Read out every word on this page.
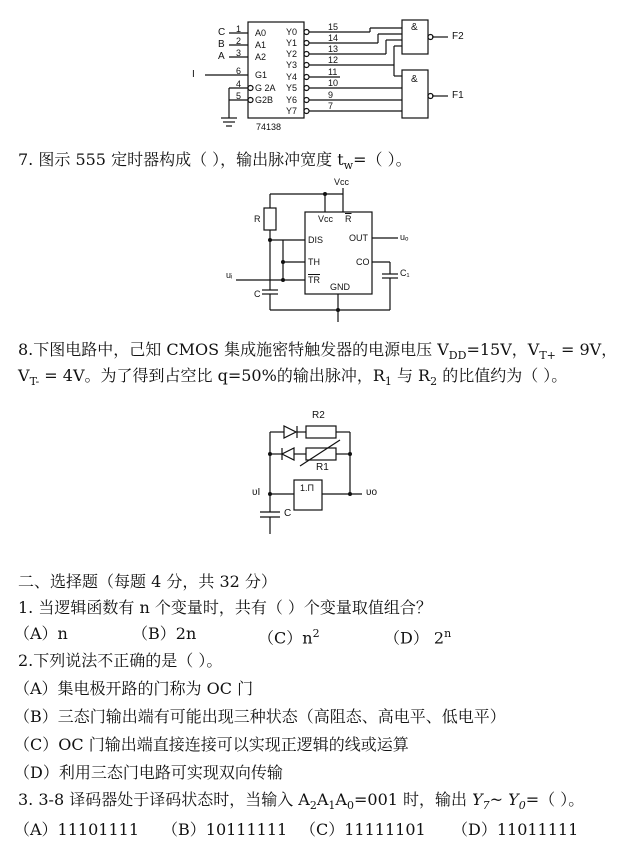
C
B
A
I
1
2
3
6
4
5
A0
A1
A2
G1
G 2A
G2B
Y0
Y1
Y2
Y3
Y4
Y5
Y6
Y7
15
14
13
12
11
10
9
7
74138
&
&
F2
F1
7. 图示 555 定时器构成（ ），输出脉冲宽度 $t_w=$（ ）。
Vcc
Vcc $\overline{R}$
R
DIS
TH
$\overline{TR}$
OUT
CO
GND
C
C₁
uᵢ
uₒ
8.下图电路中，己知 CMOS 集成施密特触发器的电源电压 $V_{DD}=15V$，$V_{T+} = 9V$，
$V_{T-} = 4V$。为了得到占空比 q=50%的输出脉冲，$R_1$ 与 $R_2$ 的比值约为（ ）。
R2
R1
υI	υo
C
1.Π
二、选择题（每题 4 分，共 32 分）
1. 当逻辑函数有 n 个变量时，共有（ ）个变量取值组合？
（A）n	（B）2n	$(C)n^2$	（D） 2$^n$
2.下列说法不正确的是（ ）。
（A）集电极开路的门称为 OC 门
（B）三态门输出端有可能出现三种状态（高阻态、高电平、低电平）
（C）OC 门输出端直接连接可以实现正逻辑的线或运算
（D）利用三态门电路可实现双向传输
3. 3-8 译码器处于译码状态时，当输入 $A_2A_1A_0=001$ 时，输出 $Y_7\sim$ $Y_0=$（ ）。
（A）11101111 （B）10111111 （C）11111101 （D）11011111
